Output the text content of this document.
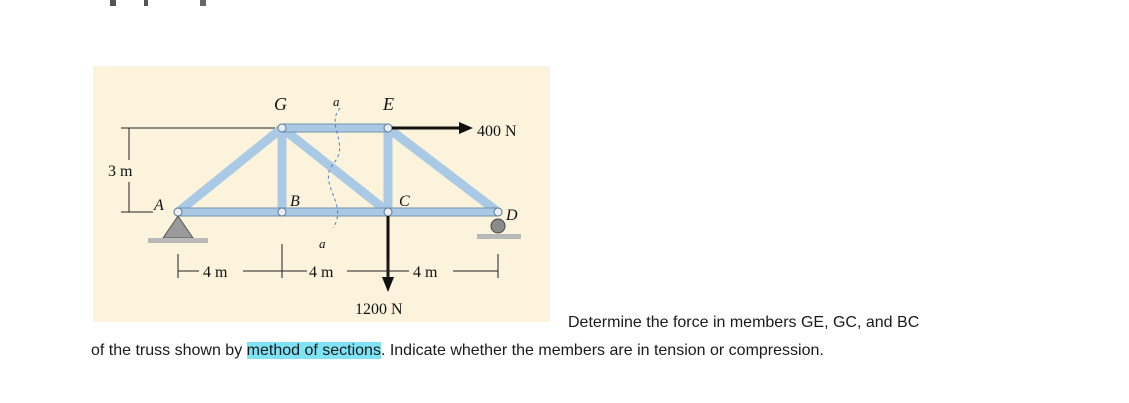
G	a E
A	B	C
D
a
3 m
400 N
1200 N
4 m	4 m	4 m
Determine the force in members GE, GC, and BC
of the truss shown by method of sections. Indicate whether the members are in tension or compression.
